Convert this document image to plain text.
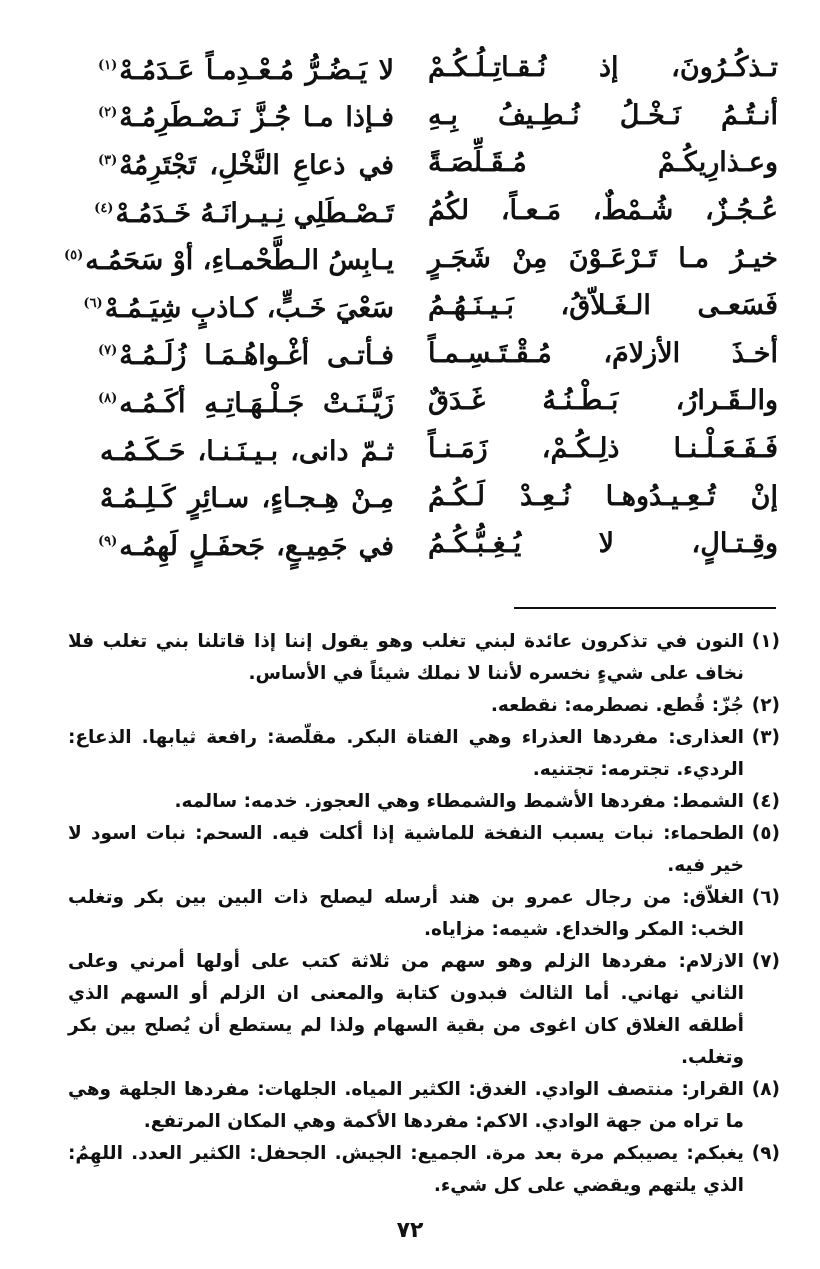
تـذكُـرُونَ، إذ نُـقـاتِـلُـكُـمْ
لا يَـضُـرُّ مُـعْـدِمـاً عَـدَمُـهْ$^{(١)}$
أنـتُـمُ نَـخْـلُ نُـطِـيفُ بِـهِ
فـإذا مـا جُـزَّ نَـصْـطَرِمُـهْ$^{(٢)}$
وعـذارِيكُـمْ مُـقَـلِّصَـةً
في ذعاعِ النَّخْلِ، تَجْتَرِمُهْ$^{(٣)}$
عُـجُـزٌ، شُـمْطٌ، مَـعـاً، لكُمُ
تَـصْـطَلِي نِـيـرانَـهُ خَـدَمُـهْ$^{(٤)}$
خيـرُ مـا تَـرْعَـوْنَ مِنْ شَجَـرٍ
يـابِسُ الـطَّحْمـاءِ، أوْ سَحَمُـه$^{(٥)}$
فَسَعـى الـغَـلاّقُ، بَـيـنَـهُـمُ
سَعْيَ خَـبٍّ، كـاذبٍ شِيَـمُـهْ$^{(٦)}$
أخـذَ الأزلامَ، مُـقْـتَـسِـمـاً
فـأتـى أغْـواهُـمَـا زُلَـمُـهْ$^{(٧)}$
والـقَـرارُ، بَـطْـنُـهُ غَـدَقٌ
زَيَّـنَـتْ جَـلْـهَـاتِـهِ أكَـمُـه$^{(٨)}$
فَـفَـعَـلْـنـا ذلِـكُـمْ، زَمَـنـاً
ثـمّ دانى، بـيـنَـنـا، حَـكَـمُـه
إنْ تُـعِـيـدُوهـا نُـعِـدْ لَـكُـمُ
مِـنْ هِـجـاءٍ، سـائِرٍ كَـلِـمُـهْ
وقِـتـالٍ، لا يُـغِـبُّـكُـمُ
في جَمِيـعٍ، جَحفَـلٍ لَهِمُـه$^{(٩)}$
(١)
النون في تذكرون عائدة لبني تغلب وهو يقول إننا إذا قاتلنا بني تغلب فلا نخاف على شيءٍ نخسره لأننا لا نملك شيئاً في الأساس.
(٢)
جُزّ: قُطع. نصطرمه: نقطعه.
(٣)
العذارى: مفردها العذراء وهي الفتاة البكر. مقلّصة: رافعة ثيابها. الذعاع: الرديء. تجترمه: تجتنيه.
(٤)
الشمط: مفردها الأشمط والشمطاء وهي العجوز. خدمه: سالمه.
(٥)
الطحماء: نبات يسبب النفخة للماشية إذا أكلت فيه. السحم: نبات اسود لا خير فيه.
(٦)
الغلاّق: من رجال عمرو بن هند أرسله ليصلح ذات البين بين بكر وتغلب الخب: المكر والخداع. شيمه: مزاياه.
(٧)
الازلام: مفردها الزلم وهو سهم من ثلاثة كتب على أولها أمرني وعلى الثاني نهاني. أما الثالث فبدون كتابة والمعنى ان الزلم أو السهم الذي أطلقه الغلاق كان اغوى من بقية السهام ولذا لم يستطع أن يُصلح بين بكر وتغلب.
(٨)
القرار: منتصف الوادي. الغدق: الكثير المياه. الجلهات: مفردها الجلهة وهي ما تراه من جهة الوادي. الاكم: مفردها الأكمة وهي المكان المرتفع.
(٩)
يغبكم: يصيبكم مرة بعد مرة. الجميع: الجيش. الجحفل: الكثير العدد. اللهِمُ: الذي يلتهم ويقضي على كل شيء.
٧٢
